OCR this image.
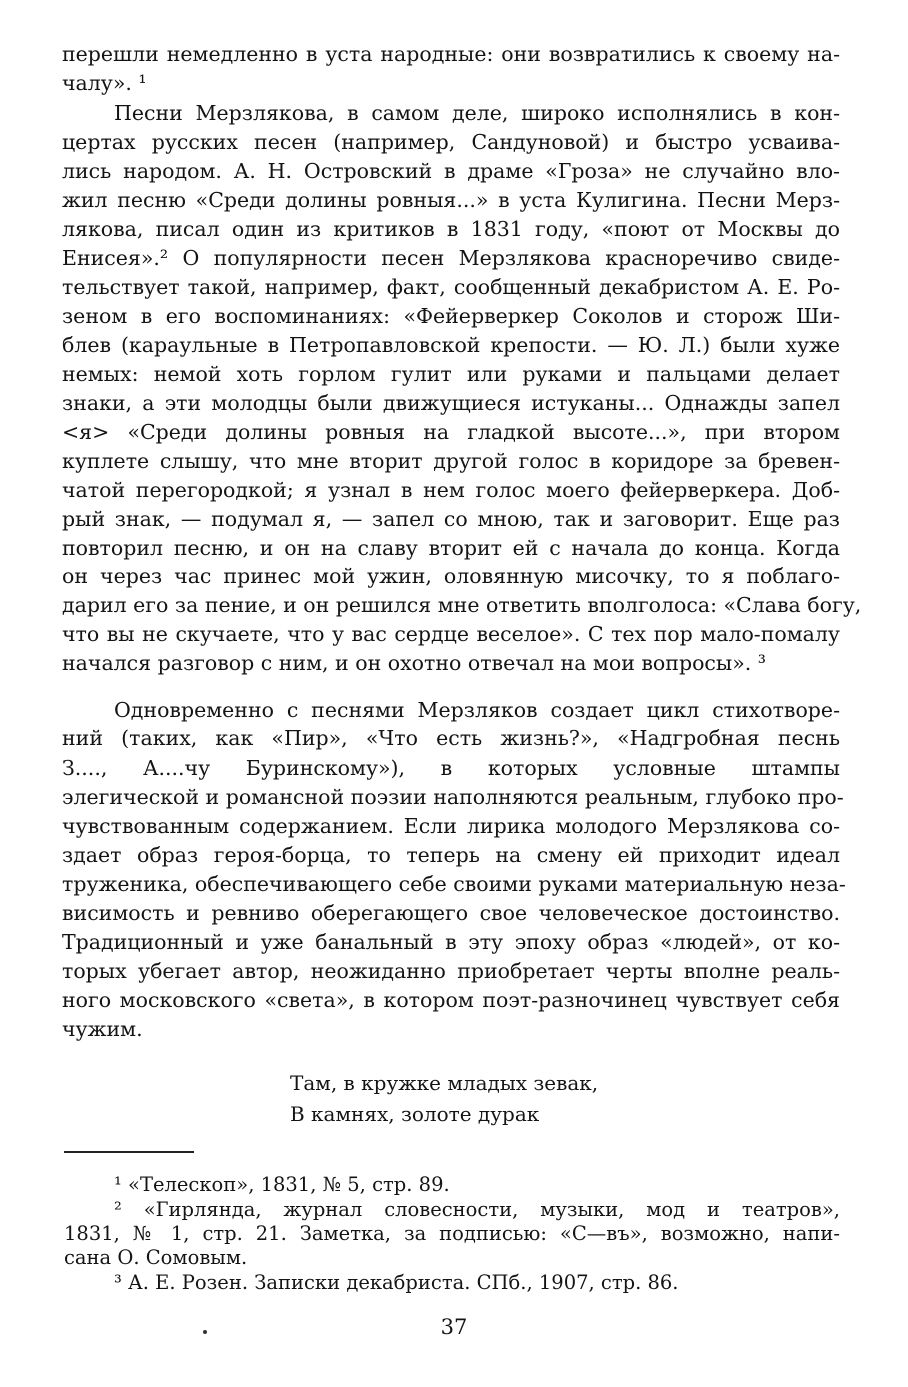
перешли немедленно в уста народные: они возвратились к своему на-
чалу». ¹
Песни Мерзлякова, в самом деле, широко исполнялись в кон-
цертах русских песен (например, Сандуновой) и быстро усваива-
лись народом. А. Н. Островский в драме «Гроза» не случайно вло-
жил песню «Среди долины ровныя...» в уста Кулигина. Песни Мерз-
лякова, писал один из критиков в 1831 году, «поют от Москвы до
Енисея».² О популярности песен Мерзлякова красноречиво свиде-
тельствует такой, например, факт, сообщенный декабристом А. Е. Ро-
зеном в его воспоминаниях: «Фейерверкер Соколов и сторож Ши-
блев (караульные в Петропавловской крепости. — Ю. Л.) были хуже
немых: немой хоть горлом гулит или руками и пальцами делает
знаки, а эти молодцы были движущиеся истуканы... Однажды запел
<я> «Среди долины ровныя на гладкой высоте...», при втором
куплете слышу, что мне вторит другой голос в коридоре за бревен-
чатой перегородкой; я узнал в нем голос моего фейерверкера. Доб-
рый знак, — подумал я, — запел со мною, так и заговорит. Еще раз
повторил песню, и он на славу вторит ей с начала до конца. Когда
он через час принес мой ужин, оловянную мисочку, то я поблаго-
дарил его за пение, и он решился мне ответить вполголоса: «Слава богу,
что вы не скучаете, что у вас сердце веселое». С тех пор мало-помалу
начался разговор с ним, и он охотно отвечал на мои вопросы». ³
Одновременно с песнями Мерзляков создает цикл стихотворе-
ний (таких, как «Пир», «Что есть жизнь?», «Надгробная песнь
З...., А....чу Буринскому»), в которых условные штампы
элегической и романсной поэзии наполняются реальным, глубоко про-
чувствованным содержанием. Если лирика молодого Мерзлякова со-
здает образ героя-борца, то теперь на смену ей приходит идеал
труженика, обеспечивающего себе своими руками материальную неза-
висимость и ревниво оберегающего свое человеческое достоинство.
Традиционный и уже банальный в эту эпоху образ «людей», от ко-
торых убегает автор, неожиданно приобретает черты вполне реаль-
ного московского «света», в котором поэт-разночинец чувствует себя
чужим.
Там, в кружке младых зевак,
В камнях, золоте дурак
¹ «Телескоп», 1831, № 5, стр. 89.
² «Гирлянда, журнал словесности, музыки, мод и театров»,
1831, № 1, стр. 21. Заметка, за подписью: «С—въ», возможно, напи-
сана О. Сомовым.
³ А. Е. Розен. Записки декабриста. СПб., 1907, стр. 86.
37
